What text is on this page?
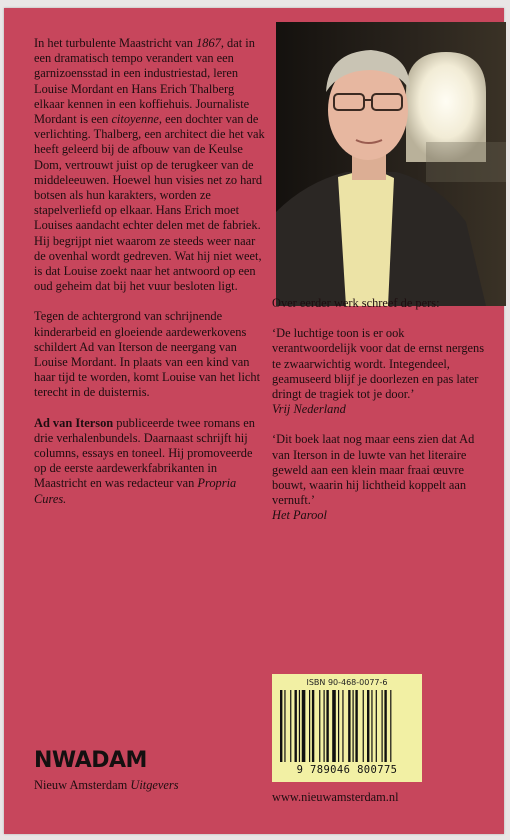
In het turbulente Maastricht van 1867, dat in een dramatisch tempo verandert van een garnizoensstad in een industriestad, leren Louise Mordant en Hans Erich Thalberg elkaar kennen in een koffiehuis. Journaliste Mordant is een citoyenne, een dochter van de verlichting. Thalberg, een architect die het vak heeft geleerd bij de afbouw van de Keulse Dom, vertrouwt juist op de terugkeer van de middeleeuwen. Hoewel hun visies net zo hard botsen als hun karakters, worden ze stapelverliefd op elkaar. Hans Erich moet Louises aandacht echter delen met de fabriek. Hij begrijpt niet waarom ze steeds weer naar de ovenhal wordt gedreven. Wat hij niet weet, is dat Louise zoekt naar het antwoord op een oud geheim dat bij het vuur besloten ligt.

Tegen de achtergrond van schrijnende kinderarbeid en gloeiende aardewerkovens schildert Ad van Iterson de neergang van Louise Mordant. In plaats van een kind van haar tijd te worden, komt Louise van het licht terecht in de duisternis.

Ad van Iterson publiceerde twee romans en drie verhalenbundels. Daarnaast schrijft hij columns, essays en toneel. Hij promoveerde op de eerste aardewerkfabrikanten in Maastricht en was redacteur van Propria Cures.

Over eerder werk schreef de pers:

‘De luchtige toon is er ook verantwoordelijk voor dat de ernst nergens te zwaarwichtig wordt. Integendeel, geamuseerd blijf je doorlezen en pas later dringt de tragiek tot je door.’

Vrij Nederland

‘Dit boek laat nog maar eens zien dat Ad van Iterson in de luwte van het literaire geweld aan een klein maar fraai œuvre bouwt, waarin hij lichtheid koppelt aan vernuft.’

Het Parool

ISBN 90-468-0077-6
9 789046 800775
NWADAM
Nieuw Amsterdam Uitgevers
www.nieuwamsterdam.nl
